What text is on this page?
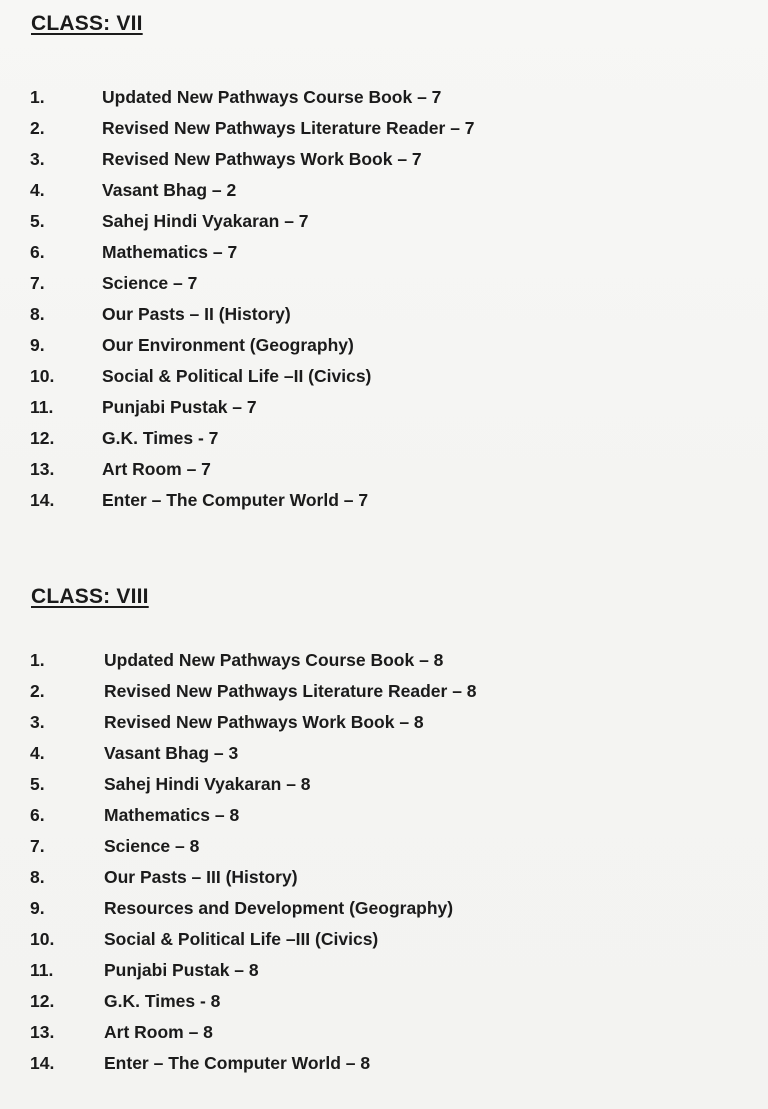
CLASS: VII
1.	Updated New Pathways Course Book – 7
2.	Revised New Pathways Literature Reader – 7
3.	Revised New Pathways Work Book – 7
4.	Vasant Bhag – 2
5.	Sahej Hindi Vyakaran – 7
6.	Mathematics – 7
7.	Science – 7
8.	Our Pasts – II (History)
9.	Our Environment (Geography)
10.	Social & Political Life –II (Civics)
11.	Punjabi Pustak – 7
12.	G.K. Times - 7
13.	Art Room – 7
14.	Enter – The Computer World – 7
CLASS: VIII
1.	Updated New Pathways Course Book – 8
2.	Revised New Pathways Literature Reader – 8
3.	Revised New Pathways Work Book – 8
4.	Vasant Bhag – 3
5.	Sahej Hindi Vyakaran – 8
6.	Mathematics – 8
7.	Science – 8
8.	Our Pasts – III (History)
9.	Resources and Development (Geography)
10.	Social & Political Life –III (Civics)
11.	Punjabi Pustak – 8
12.	G.K. Times - 8
13.	Art Room – 8
14.	Enter – The Computer World – 8
